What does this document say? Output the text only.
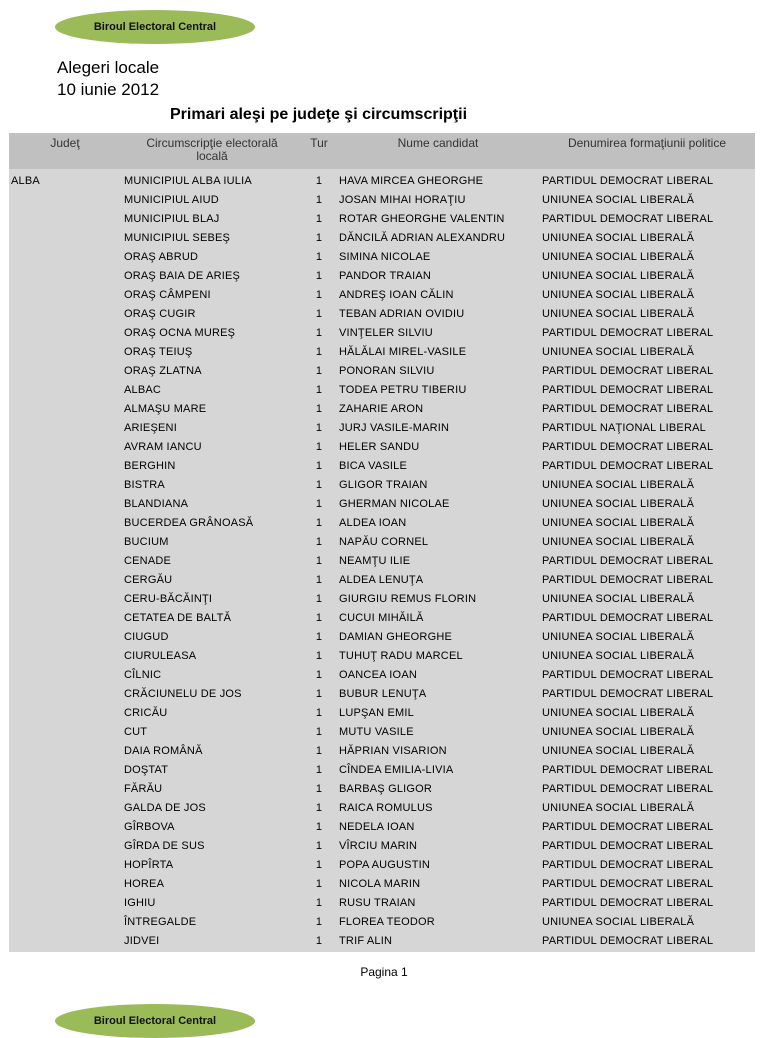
Biroul Electoral Central
Alegeri locale
10 iunie 2012
Primari aleşi pe judeţe şi circumscripţii
Judeţ	Circumscripţie electorală locală
Tur	Nume candidat	Denumirea formaţiunii politice
ALBA	MUNICIPIUL ALBA IULIA	1	HAVA MIRCEA GHEORGHE	PARTIDUL DEMOCRAT LIBERAL
MUNICIPIUL AIUD	1	JOSAN MIHAI HORAŢIU	UNIUNEA SOCIAL LIBERALĂ
MUNICIPIUL BLAJ	1	ROTAR GHEORGHE VALENTIN	PARTIDUL DEMOCRAT LIBERAL
MUNICIPIUL SEBEŞ	1	DĂNCILĂ ADRIAN ALEXANDRU	UNIUNEA SOCIAL LIBERALĂ
ORAŞ ABRUD	1	SIMINA NICOLAE	UNIUNEA SOCIAL LIBERALĂ
ORAŞ BAIA DE ARIEŞ	1	PANDOR TRAIAN	UNIUNEA SOCIAL LIBERALĂ
ORAŞ CÂMPENI	1	ANDREŞ IOAN CĂLIN	UNIUNEA SOCIAL LIBERALĂ
ORAŞ CUGIR	1	TEBAN ADRIAN OVIDIU	UNIUNEA SOCIAL LIBERALĂ
ORAŞ OCNA MUREŞ	1	VINŢELER SILVIU	PARTIDUL DEMOCRAT LIBERAL
ORAŞ TEIUŞ	1	HĂLĂLAI MIREL-VASILE	UNIUNEA SOCIAL LIBERALĂ
ORAŞ ZLATNA	1	PONORAN SILVIU	PARTIDUL DEMOCRAT LIBERAL
ALBAC	1	TODEA PETRU TIBERIU	PARTIDUL DEMOCRAT LIBERAL
ALMAŞU MARE	1	ZAHARIE ARON	PARTIDUL DEMOCRAT LIBERAL
ARIEŞENI	1	JURJ VASILE-MARIN	PARTIDUL NAŢIONAL LIBERAL
AVRAM IANCU	1	HELER SANDU	PARTIDUL DEMOCRAT LIBERAL
BERGHIN	1	BICA VASILE	PARTIDUL DEMOCRAT LIBERAL
BISTRA	1	GLIGOR TRAIAN	UNIUNEA SOCIAL LIBERALĂ
BLANDIANA	1	GHERMAN NICOLAE	UNIUNEA SOCIAL LIBERALĂ
BUCERDEA GRÂNOASĂ	1	ALDEA IOAN	UNIUNEA SOCIAL LIBERALĂ
BUCIUM	1	NAPĂU CORNEL	UNIUNEA SOCIAL LIBERALĂ
CENADE	1	NEAMŢU ILIE	PARTIDUL DEMOCRAT LIBERAL
CERGĂU	1	ALDEA LENUŢA	PARTIDUL DEMOCRAT LIBERAL
CERU-BĂCĂINŢI	1	GIURGIU REMUS FLORIN	UNIUNEA SOCIAL LIBERALĂ
CETATEA DE BALTĂ	1	CUCUI MIHĂILĂ	PARTIDUL DEMOCRAT LIBERAL
CIUGUD	1	DAMIAN GHEORGHE	UNIUNEA SOCIAL LIBERALĂ
CIURULEASA	1	TUHUŢ RADU MARCEL	UNIUNEA SOCIAL LIBERALĂ
CÎLNIC	1	OANCEA IOAN	PARTIDUL DEMOCRAT LIBERAL
CRĂCIUNELU DE JOS	1	BUBUR LENUŢA	PARTIDUL DEMOCRAT LIBERAL
CRICĂU	1	LUPŞAN EMIL	UNIUNEA SOCIAL LIBERALĂ
CUT	1	MUTU VASILE	UNIUNEA SOCIAL LIBERALĂ
DAIA ROMÂNĂ	1	HĂPRIAN VISARION	UNIUNEA SOCIAL LIBERALĂ
DOŞTAT	1	CÎNDEA EMILIA-LIVIA	PARTIDUL DEMOCRAT LIBERAL
FĂRĂU	1	BARBAŞ GLIGOR	PARTIDUL DEMOCRAT LIBERAL
GALDA DE JOS	1	RAICA ROMULUS	UNIUNEA SOCIAL LIBERALĂ
GÎRBOVA	1	NEDELA IOAN	PARTIDUL DEMOCRAT LIBERAL
GÎRDA DE SUS	1	VÎRCIU MARIN	PARTIDUL DEMOCRAT LIBERAL
HOPÎRTA	1	POPA AUGUSTIN	PARTIDUL DEMOCRAT LIBERAL
HOREA	1	NICOLA MARIN	PARTIDUL DEMOCRAT LIBERAL
IGHIU	1	RUSU TRAIAN	PARTIDUL DEMOCRAT LIBERAL
ÎNTREGALDE	1	FLOREA TEODOR	UNIUNEA SOCIAL LIBERALĂ
JIDVEI	1	TRIF ALIN	PARTIDUL DEMOCRAT LIBERAL
Pagina 1
Biroul Electoral Central
